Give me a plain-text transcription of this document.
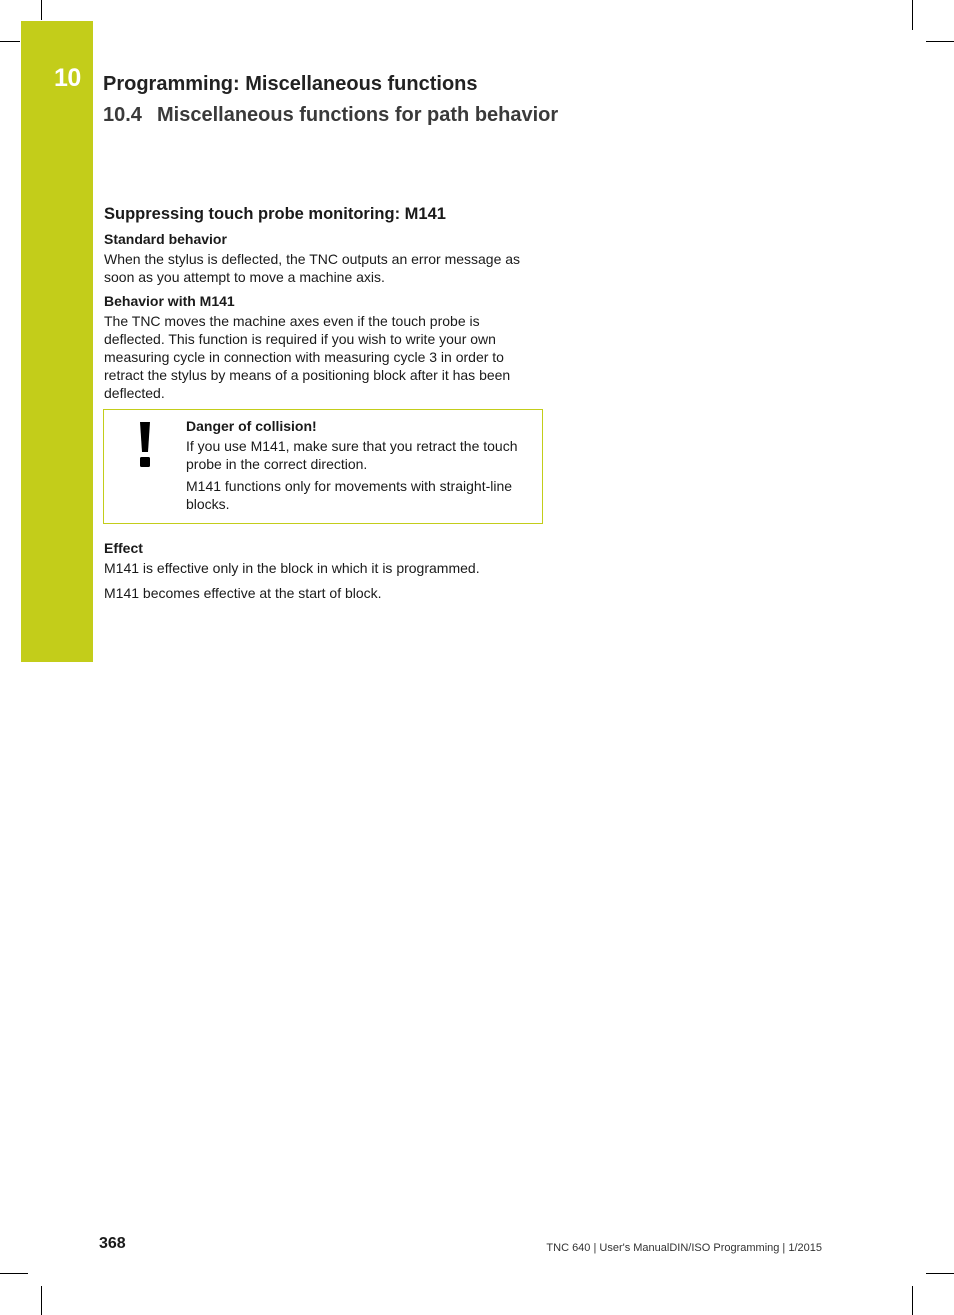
10 Programming: Miscellaneous functions
10.4 Miscellaneous functions for path behavior
Suppressing touch probe monitoring: M141
Standard behavior

When the stylus is deflected, the TNC outputs an error message as soon as you attempt to move a machine axis.

Behavior with M141

The TNC moves the machine axes even if the touch probe is deflected. This function is required if you wish to write your own measuring cycle in connection with measuring cycle 3 in order to retract the stylus by means of a positioning block after it has been deflected.

Danger of collision!

If you use M141, make sure that you retract the touch probe in the correct direction.

M141 functions only for movements with straight-line blocks.

Effect

M141 is effective only in the block in which it is programmed.

M141 becomes effective at the start of block.

368	TNC 640 | User's ManualDIN/ISO Programming | 1/2015
